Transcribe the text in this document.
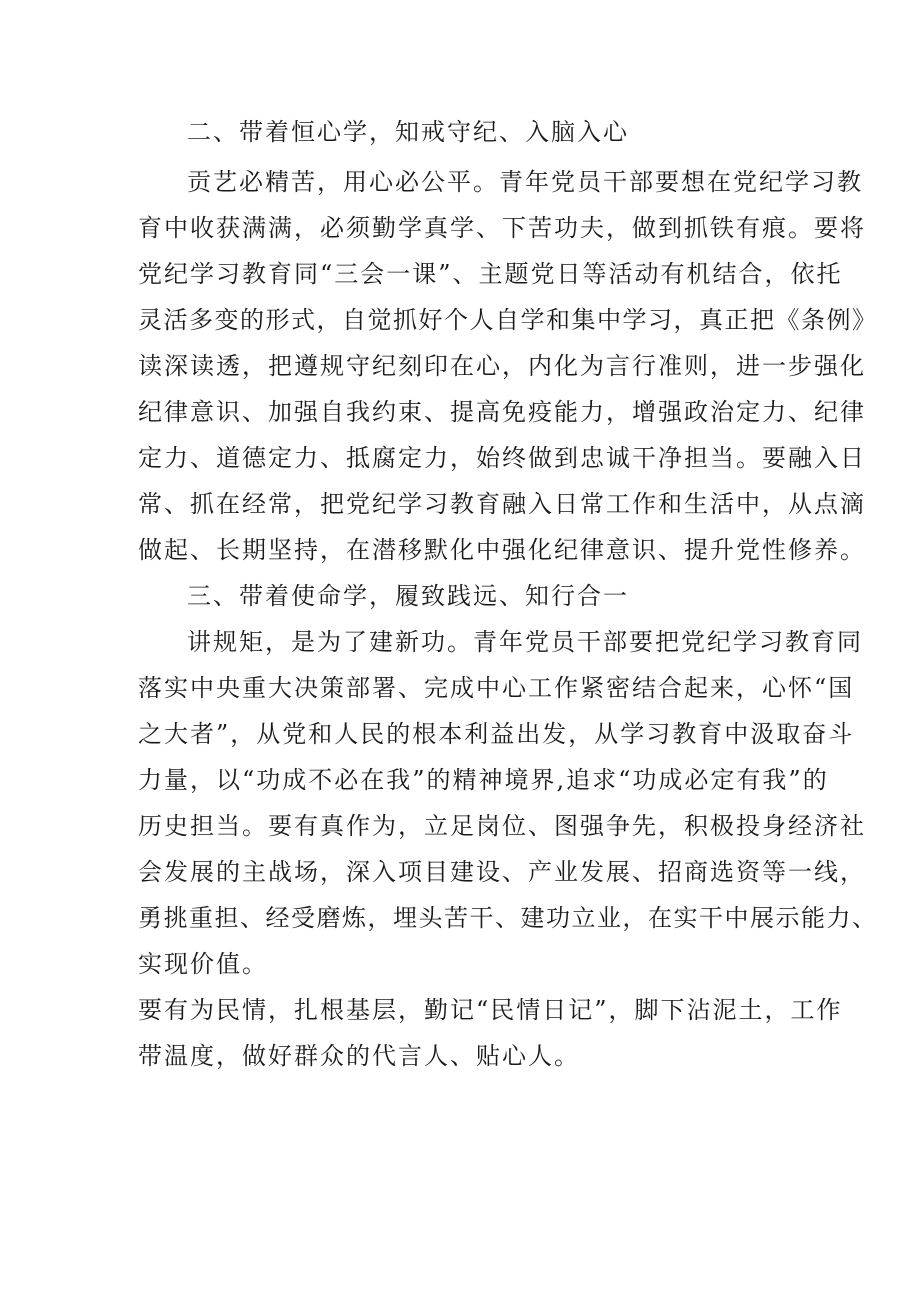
二、带着恒心学，知戒守纪、入脑入心
贡艺必精苦，用心必公平。青年党员干部要想在党纪学习教
育中收获满满，必须勤学真学、下苦功夫，做到抓铁有痕。要将
党纪学习教育同“三会一课”、主题党日等活动有机结合，依托
灵活多变的形式，自觉抓好个人自学和集中学习，真正把《条例》
读深读透，把遵规守纪刻印在心，内化为言行准则，进一步强化
纪律意识、加强自我约束、提高免疫能力，增强政治定力、纪律
定力、道德定力、抵腐定力，始终做到忠诚干净担当。要融入日
常、抓在经常，把党纪学习教育融入日常工作和生活中，从点滴
做起、长期坚持，在潜移默化中强化纪律意识、提升党性修养。
三、带着使命学，履致践远、知行合一
讲规矩，是为了建新功。青年党员干部要把党纪学习教育同
落实中央重大决策部署、完成中心工作紧密结合起来，心怀“国
之大者”，从党和人民的根本利益出发，从学习教育中汲取奋斗
力量，以“功成不必在我”的精神境界,追求“功成必定有我”的
历史担当。要有真作为，立足岗位、图强争先，积极投身经济社
会发展的主战场，深入项目建设、产业发展、招商选资等一线，
勇挑重担、经受磨炼，埋头苦干、建功立业，在实干中展示能力、
实现价值。
要有为民情，扎根基层，勤记“民情日记”，脚下沾泥土，工作
带温度，做好群众的代言人、贴心人。
